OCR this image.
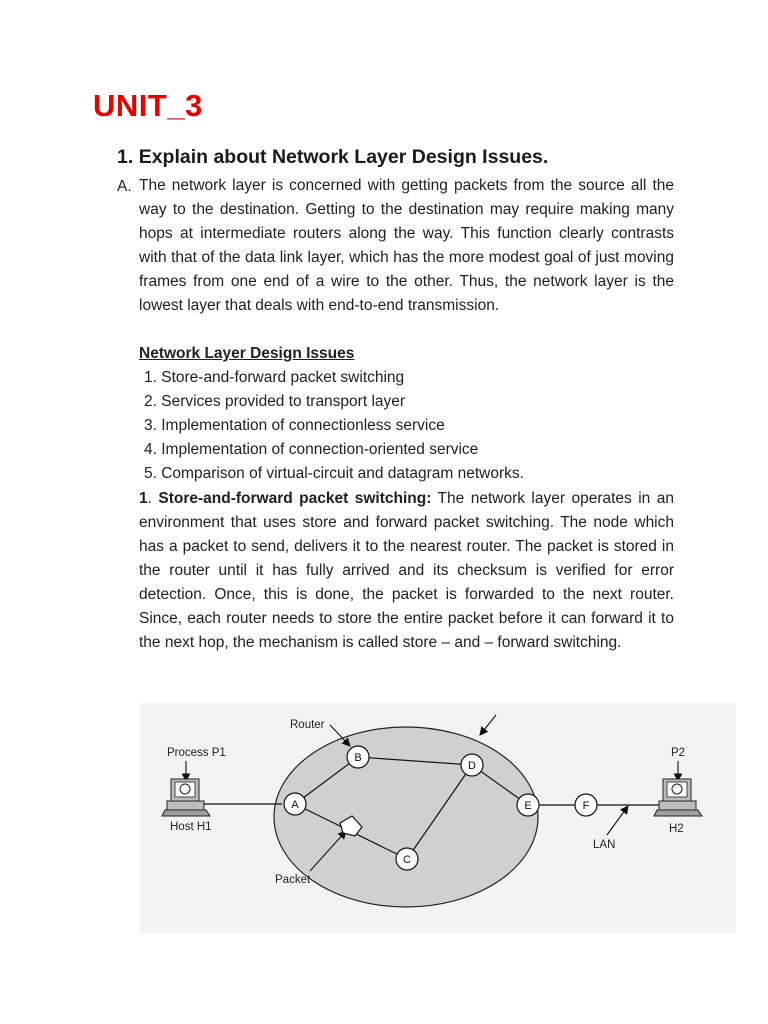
UNIT_3
1. Explain about Network Layer Design Issues.
A. The network layer is concerned with getting packets from the source all the way to the destination. Getting to the destination may require making many hops at intermediate routers along the way. This function clearly contrasts with that of the data link layer, which has the more modest goal of just moving frames from one end of a wire to the other. Thus, the network layer is the lowest layer that deals with end-to-end transmission.
Network Layer Design Issues
1. Store-and-forward packet switching
2. Services provided to transport layer
3. Implementation of connectionless service
4. Implementation of connection-oriented service
5. Comparison of virtual-circuit and datagram networks.
1. Store-and-forward packet switching: The network layer operates in an environment that uses store and forward packet switching. The node which has a packet to send, delivers it to the nearest router. The packet is stored in the router until it has fully arrived and its checksum is verified for error detection. Once, this is done, the packet is forwarded to the next router. Since, each router needs to store the entire packet before it can forward it to the next hop, the mechanism is called store – and – forward switching.
A
B
C
D
E	F
Router
Process P1
Host H1
P2
H2
LAN
Packet
